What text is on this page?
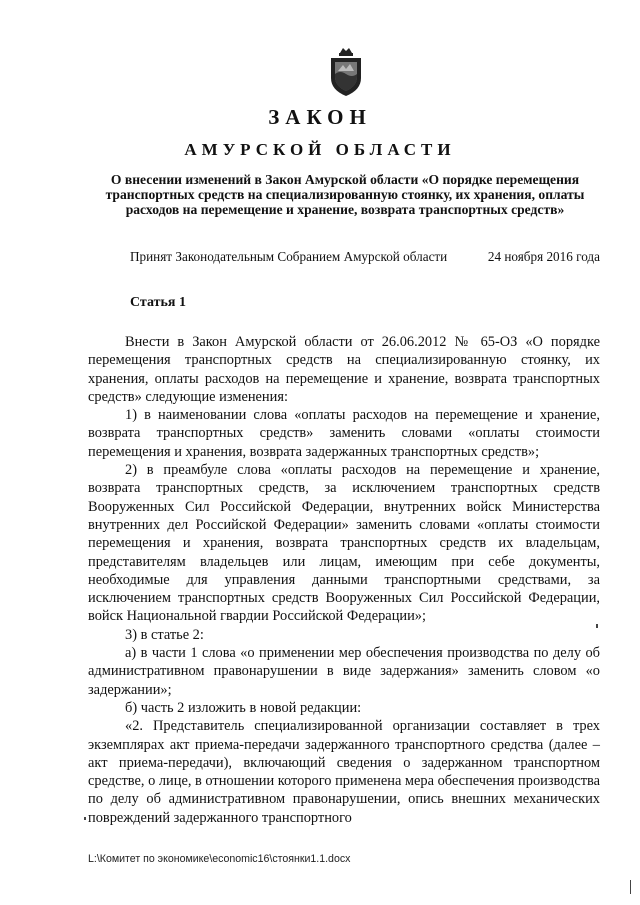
ЗАКОН
АМУРСКОЙ ОБЛАСТИ
О внесении изменений в Закон Амурской области «О порядке перемещения транспортных средств на специализированную стоянку, их хранения, оплаты расходов на перемещение и хранение, возврата транспортных средств»
Принят Законодательным Собранием Амурской области	24 ноября 2016 года
Статья 1

Внести в Закон Амурской области от 26.06.2012 № 65-ОЗ «О порядке перемещения транспортных средств на специализированную стоянку, их хранения, оплаты расходов на перемещение и хранение, возврата транспортных средств» следующие изменения:

1) в наименовании слова «оплаты расходов на перемещение и хранение, возврата транспортных средств» заменить словами «оплаты стоимости перемещения и хранения, возврата задержанных транспортных средств»;

2) в преамбуле слова «оплаты расходов на перемещение и хранение, возврата транспортных средств, за исключением транспортных средств Вооруженных Сил Российской Федерации, внутренних войск Министерства внутренних дел Российской Федерации» заменить словами «оплаты стоимости перемещения и хранения, возврата транспортных средств их владельцам, представителям владельцев или лицам, имеющим при себе документы, необходимые для управления данными транспортными средствами, за исключением транспортных средств Вооруженных Сил Российской Федерации, войск Национальной гвардии Российской Федерации»;

3) в статье 2:

а) в части 1 слова «о применении мер обеспечения производства по делу об административном правонарушении в виде задержания» заменить словом «о задержании»;

б) часть 2 изложить в новой редакции:

«2. Представитель специализированной организации составляет в трех экземплярах акт приема-передачи задержанного транспортного средства (далее – акт приема-передачи), включающий сведения о задержанном транспортном средстве, о лице, в отношении которого применена мера обеспечения производства по делу об административном правонарушении, опись внешних механических повреждений задержанного транспортного

L:\Комитет по экономике\economic16\стоянки1.1.docx
